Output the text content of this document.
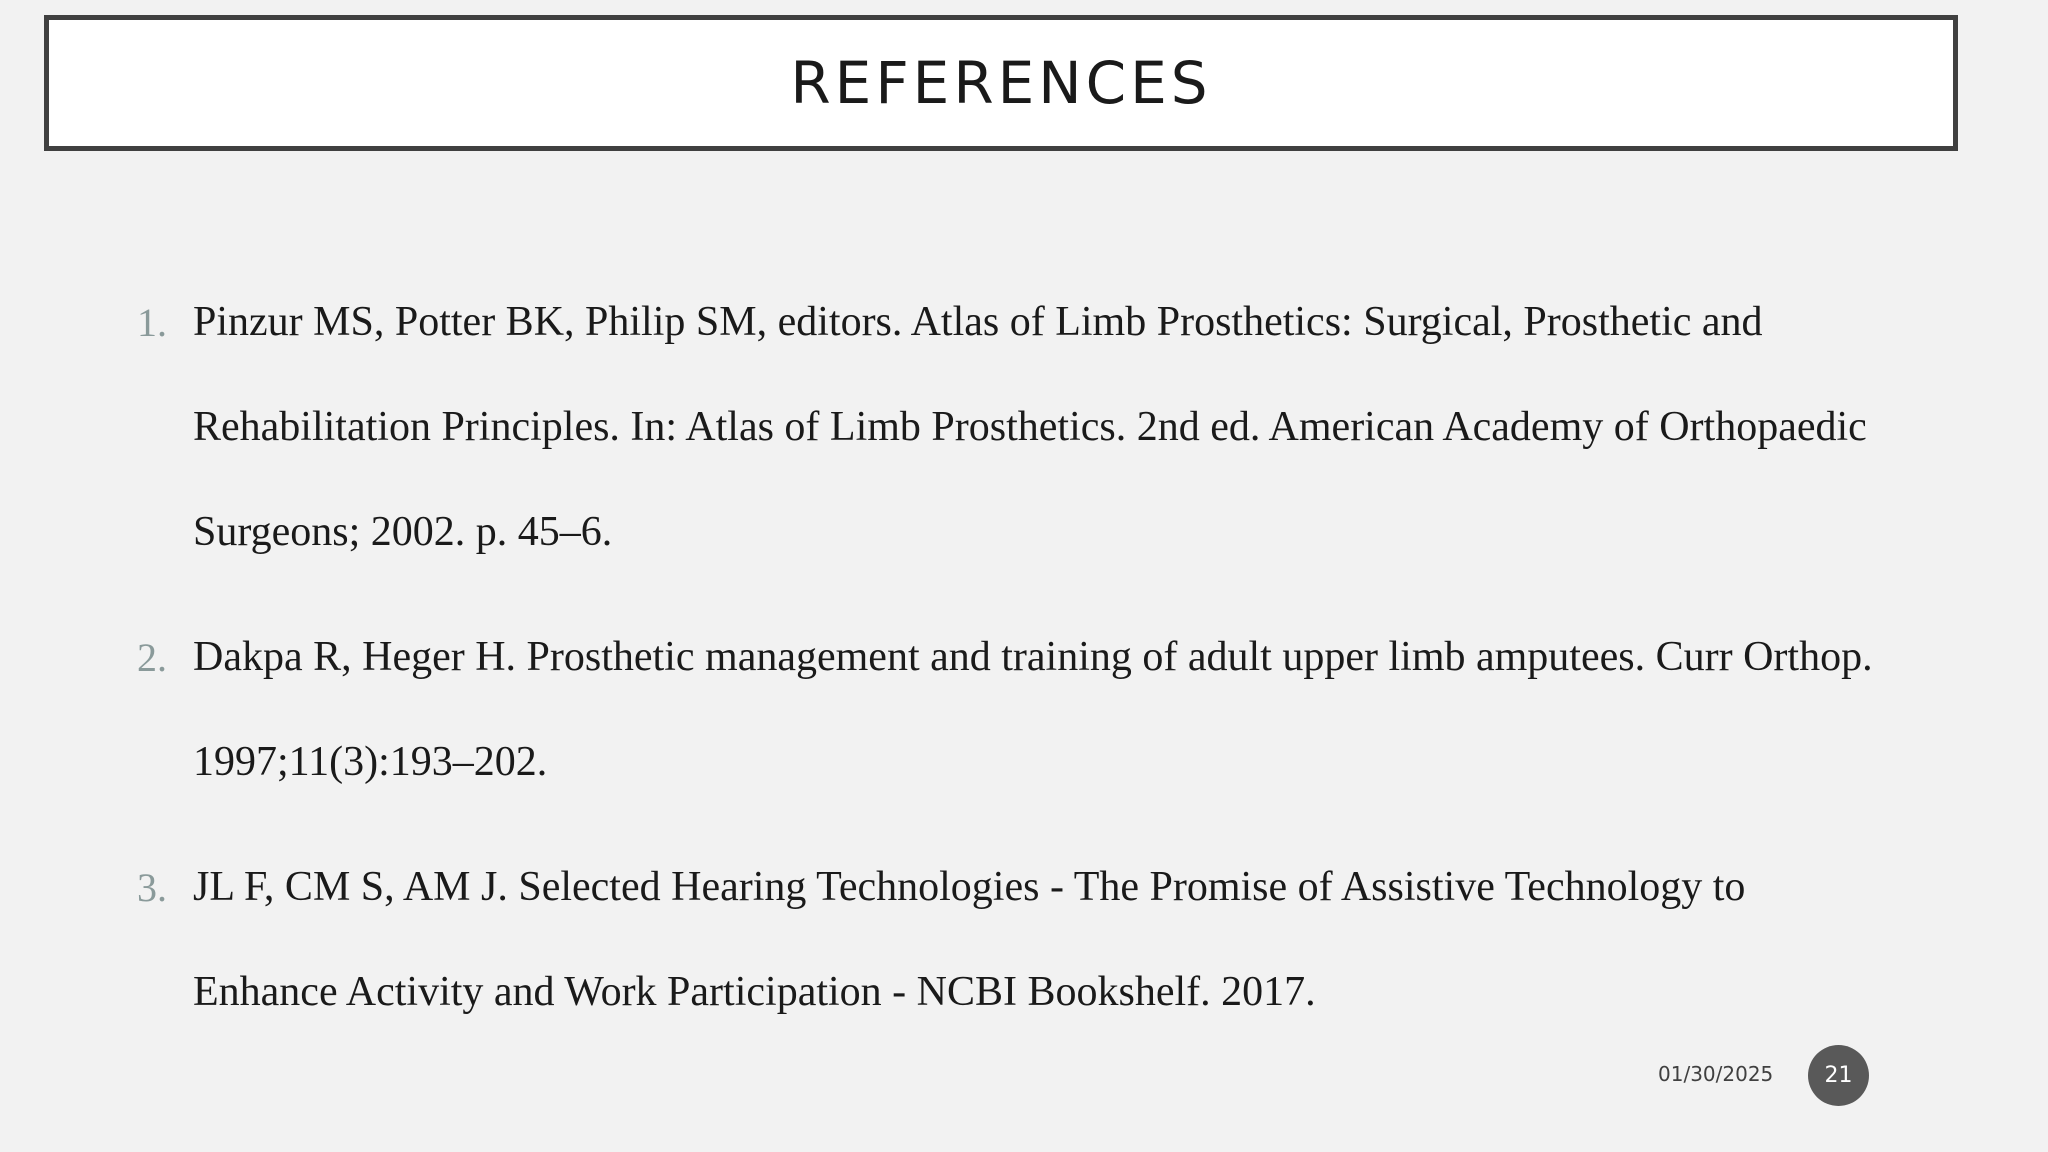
REFERENCES
1. Pinzur MS, Potter BK, Philip SM, editors. Atlas of Limb Prosthetics: Surgical, Prosthetic and Rehabilitation Principles. In: Atlas of Limb Prosthetics. 2nd ed. American Academy of Orthopaedic Surgeons; 2002. p. 45–6.

2. Dakpa R, Heger H. Prosthetic management and training of adult upper limb amputees. Curr Orthop. 1997;11(3):193–202.

3. JL F, CM S, AM J. Selected Hearing Technologies - The Promise of Assistive Technology to Enhance Activity and Work Participation - NCBI Bookshelf. 2017.

01/30/2025	21
